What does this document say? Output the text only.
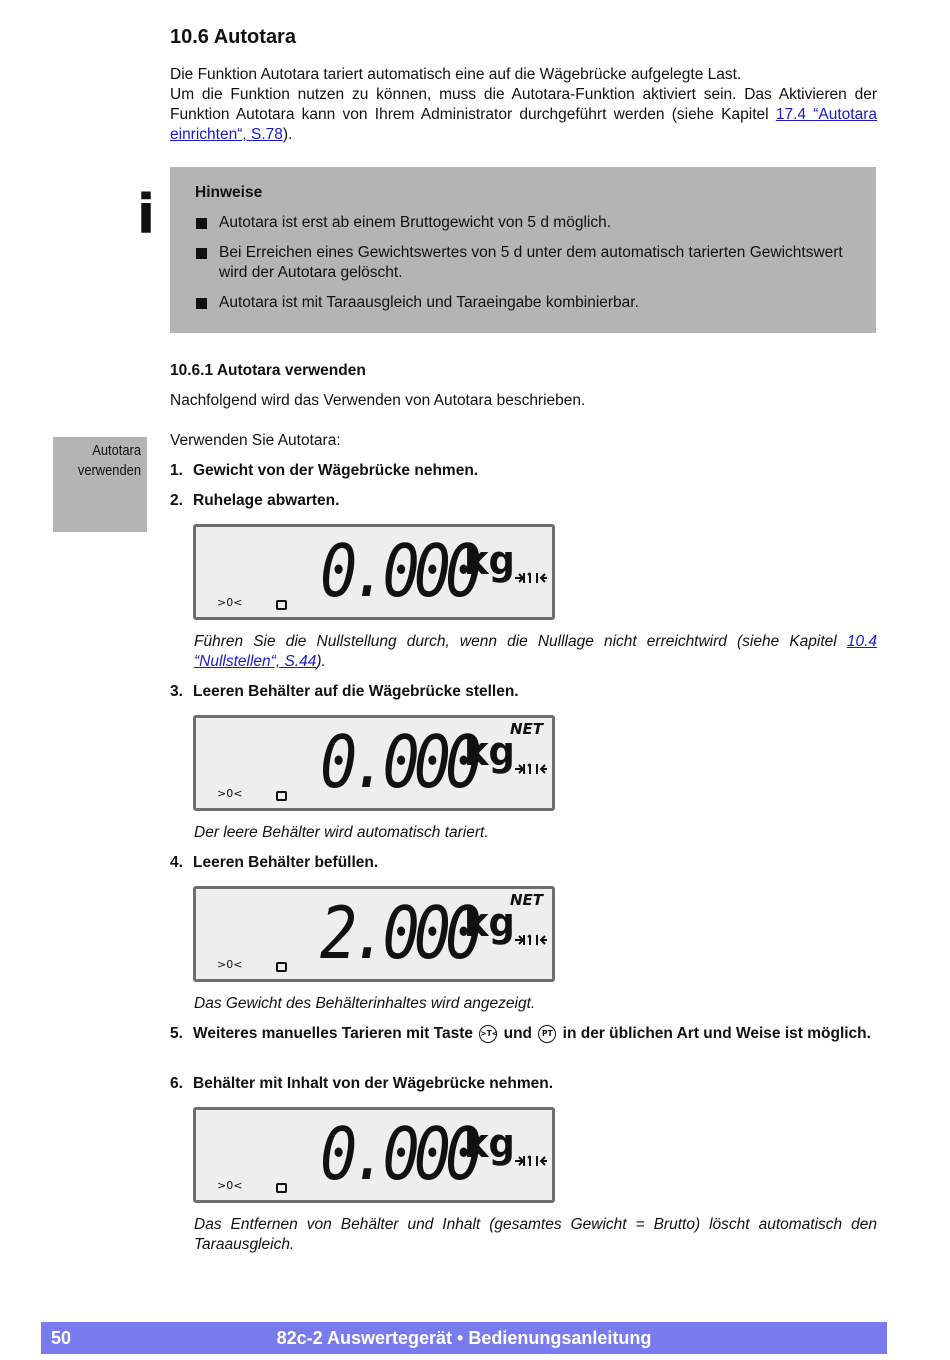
10.6 Autotara

Die Funktion Autotara tariert automatisch eine auf die Wägebrücke aufgelegte Last.

Um die Funktion nutzen zu können, muss die Autotara-Funktion aktiviert sein. Das Aktivieren der Funktion Autotara kann von Ihrem Administrator durchgeführt werden (siehe Kapitel 17.4 “Autotara einrichten“, S.78).

i	Hinweise
Autotara ist erst ab einem Bruttogewicht von 5 d möglich.
Bei Erreichen eines Gewichtswertes von 5 d unter dem automatisch tarierten Gewichtswert wird der Autotara gelöscht.
Autotara ist mit Taraausgleich und Taraeingabe kombinierbar.
10.6.1 Autotara verwenden

Nachfolgend wird das Verwenden von Autotara beschrieben.

Autotara
verwenden

Verwenden Sie Autotara:

1. Gewicht von der Wägebrücke nehmen.
2. Ruhelage abwarten.
0.000
kg
>0<

Führen Sie die Nullstellung durch, wenn die Nulllage nicht erreichtwird (siehe Kapitel 10.4 “Nullstellen“, S.44).

3. Leeren Behälter auf die Wägebrücke stellen.
0.000
kg
NET
>0<
Der leere Behälter wird automatisch tariert.
4. Leeren Behälter befüllen.
2.000
kg
NET
>0<
Das Gewicht des Behälterinhaltes wird angezeigt.
5. Weiteres manuelles Tarieren mit Taste >T< und	PT in der üblichen Art und Weise ist möglich.
6. Behälter mit Inhalt von der Wägebrücke nehmen.
0.000
kg
>0<
Das Entfernen von Behälter und Inhalt (gesamtes Gewicht = Brutto) löscht automatisch den Taraausgleich.
50	82c-2 Auswertegerät • Bedienungsanleitung
